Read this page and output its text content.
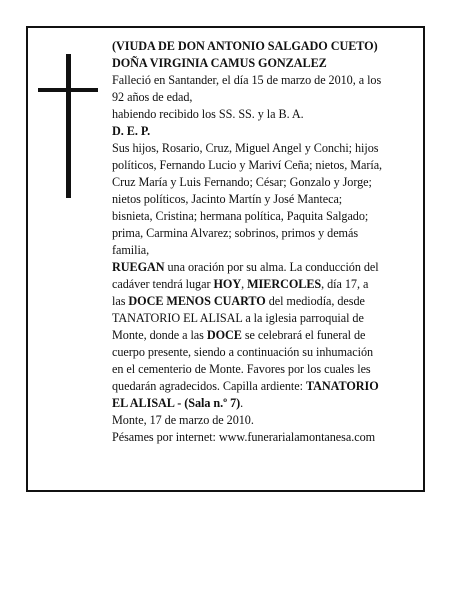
(VIUDA DE DON ANTONIO SALGADO CUETO)

DOÑA VIRGINIA CAMUS GONZALEZ

Falleció en Santander, el día 15 de marzo de 2010, a los

92 años de edad,

habiendo recibido los SS. SS. y la B. A.

D. E. P.

Sus hijos, Rosario, Cruz, Miguel Angel y Conchi; hijos

políticos, Fernando Lucio y Mariví Ceña; nietos, María,

Cruz María y Luis Fernando; César; Gonzalo y Jorge;

nietos políticos, Jacinto Martín y José Manteca;

bisnieta, Cristina; hermana política, Paquita Salgado;

prima, Carmina Alvarez; sobrinos, primos y demás

familia,

RUEGAN una oración por su alma. La conducción del

cadáver tendrá lugar HOY, MIERCOLES, día 17, a

las DOCE MENOS CUARTO del mediodía, desde

TANATORIO EL ALISAL a la iglesia parroquial de

Monte, donde a las DOCE se celebrará el funeral de

cuerpo presente, siendo a continuación su inhumación

en el cementerio de Monte. Favores por los cuales les

quedarán agradecidos. Capilla ardiente: TANATORIO

EL ALISAL - (Sala n.º 7).

Monte, 17 de marzo de 2010.

Pésames por internet: www.funerarialamontanesa.com
